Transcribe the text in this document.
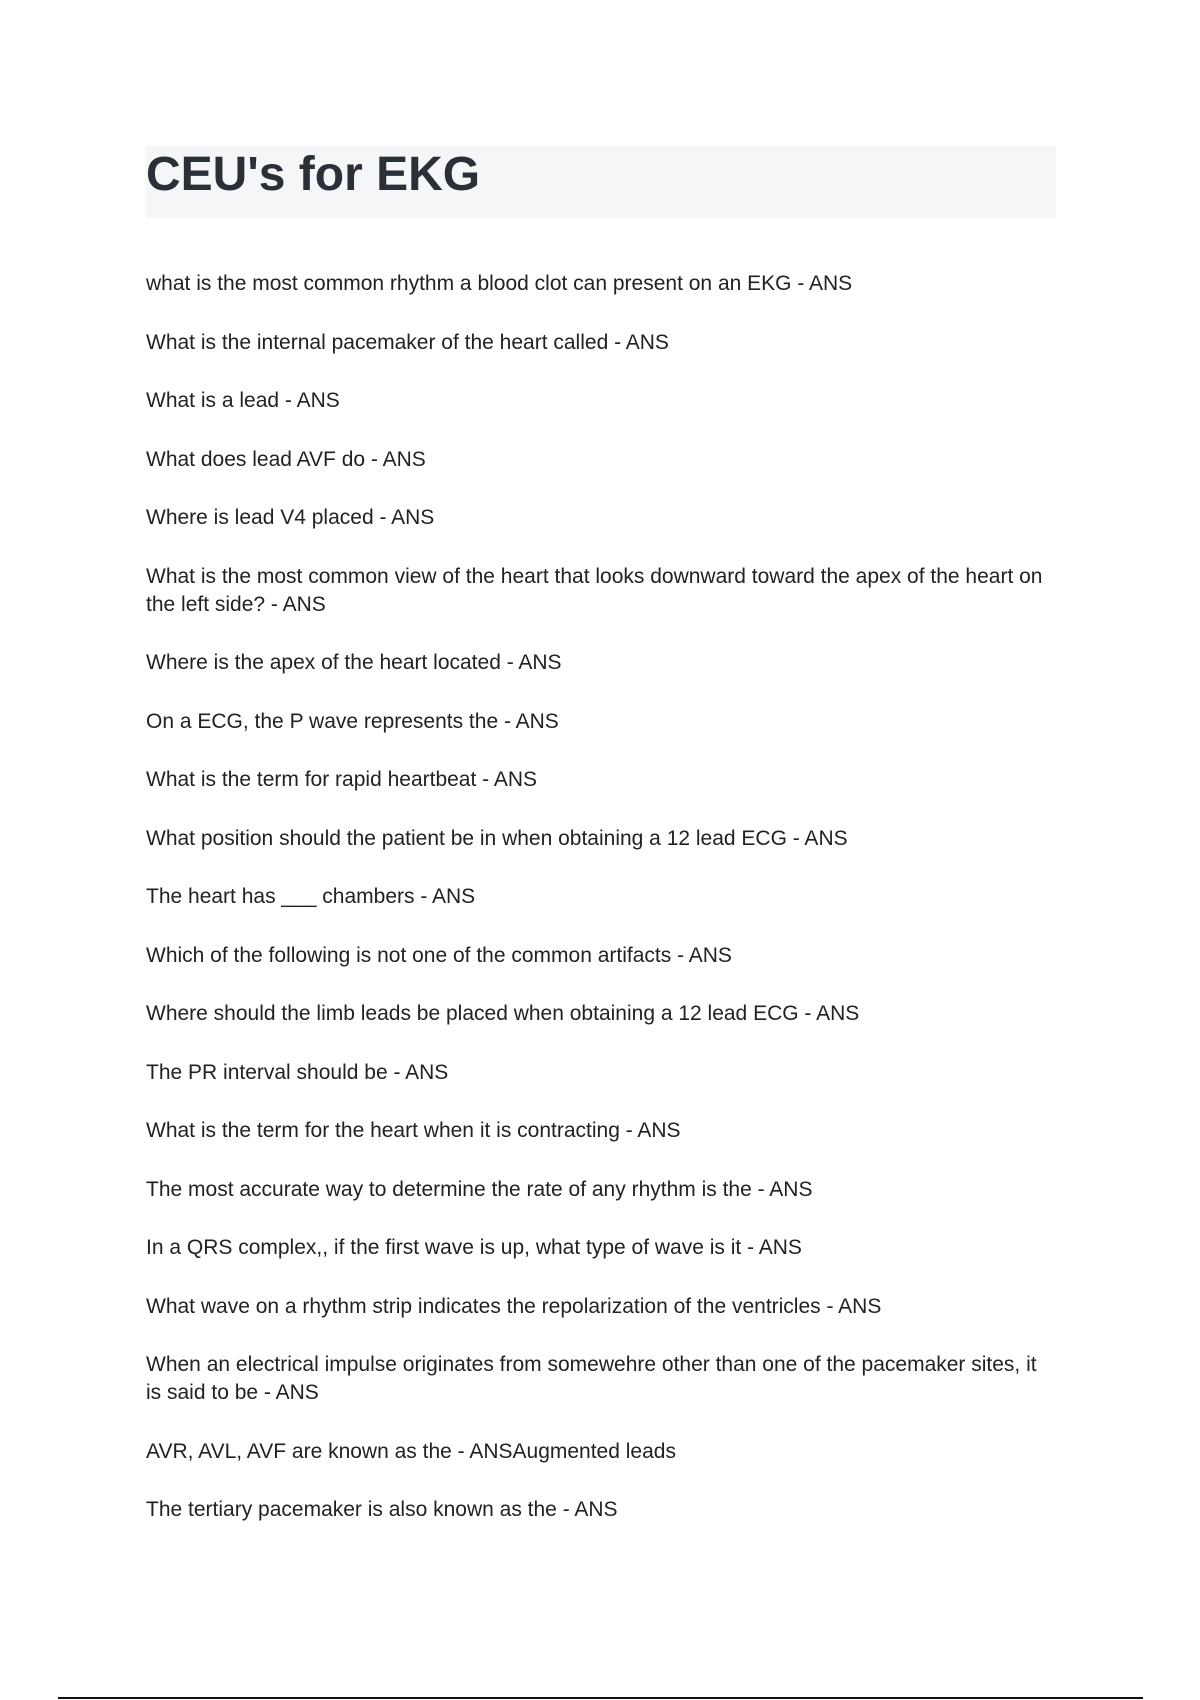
CEU's for EKG
what is the most common rhythm a blood clot can present on an EKG - ANS
What is the internal pacemaker of the heart called - ANS
What is a lead - ANS
What does lead AVF do - ANS
Where is lead V4 placed - ANS
What is the most common view of the heart that looks downward toward the apex of the heart on the left side? - ANS
Where is the apex of the heart located - ANS
On a ECG, the P wave represents the - ANS
What is the term for rapid heartbeat - ANS
What position should the patient be in when obtaining a 12 lead ECG - ANS
The heart has ___ chambers - ANS
Which of the following is not one of the common artifacts - ANS
Where should the limb leads be placed when obtaining a 12 lead ECG - ANS
The PR interval should be - ANS
What is the term for the heart when it is contracting - ANS
The most accurate way to determine the rate of any rhythm is the - ANS
In a QRS complex,, if the first wave is up, what type of wave is it - ANS
What wave on a rhythm strip indicates the repolarization of the ventricles - ANS
When an electrical impulse originates from somewehre other than one of the pacemaker sites, it is said to be - ANS
AVR, AVL, AVF are known as the - ANSAugmented leads
The tertiary pacemaker is also known as the - ANS
